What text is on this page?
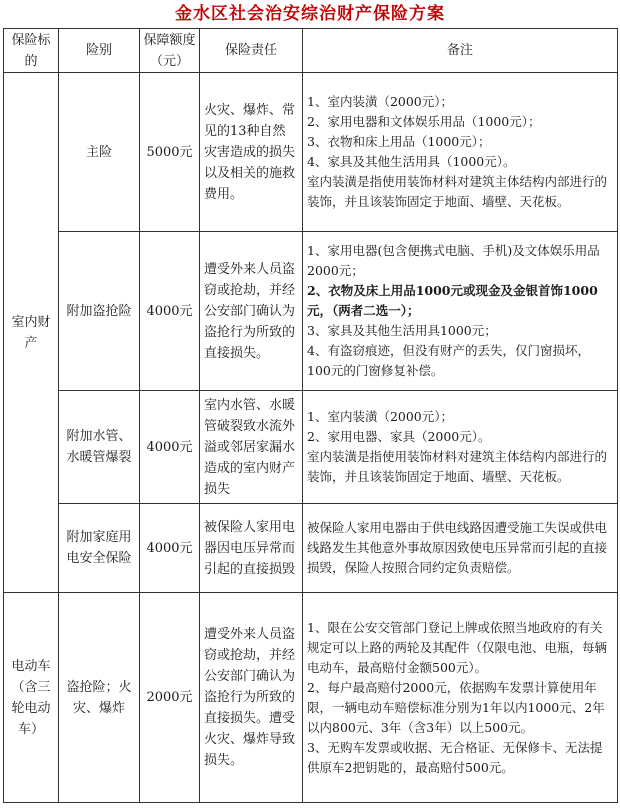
金水区社会治安综治财产保险方案
保险标的	险别	保障额度（元）	保险责任	备注
室内财产	主险	5000元	火灾、爆炸、常见的13种自然灾害造成的损失以及相关的施救费用。	1、室内装潢（2000元）；
2、家用电器和文体娱乐用品（1000元）；
3、衣物和床上用品（1000元）；
4、家具及其他生活用具（1000元）。
室内装潢是指使用装饰材料对建筑主体结构内部进行的装饰，并且该装饰固定于地面、墙壁、天花板。

	附加盗抢险	4000元	遭受外来人员盗窃或抢劫，并经公安部门确认为盗抢行为所致的直接损失。	1、家用电器(包含便携式电脑、手机)及文体娱乐用品2000元；
2、衣物及床上用品1000元或现金及金银首饰1000元，（两者二选一）；
3、家具及其他生活用具1000元；
4、有盗窃痕迹，但没有财产的丢失，仅门窗损坏， 100元的门窗修复补偿。

	附加水管、水暖管爆裂	4000元	室内水管、水暖管破裂致水流外溢或邻居家漏水造成的室内财产损失	1、室内装潢（2000元）；
2、家用电器、家具（2000元）。
室内装潢是指使用装饰材料对建筑主体结构内部进行的装饰，并且该装饰固定于地面、墙壁、天花板。

	附加家庭用电安全保险	4000元	被保险人家用电器因电压异常而引起的直接损毁	被保险人家用电器由于供电线路因遭受施工失误或供电线路发生其他意外事故原因致使电压异常而引起的直接损毁，保险人按照合同约定负责赔偿。

电动车（含三轮电动车）	盗抢险；火灾、爆炸	2000元	遭受外来人员盗窃或抢劫，并经公安部门确认为盗抢行为所致的直接损失。遭受火灾、爆炸导致损失。	1、限在公安交管部门登记上牌或依照当地政府的有关规定可以上路的两轮及其配件（仅限电池、电瓶，每辆电动车，最高赔付金额500元）。
2、每户最高赔付2000元，依据购车发票计算使用年限，一辆电动车赔偿标准分别为1年以内1000元、2年以内800元、3年（含3年）以上500元。
3、无购车发票或收据、无合格证、无保修卡、无法提供原车2把钥匙的，最高赔付500元。
